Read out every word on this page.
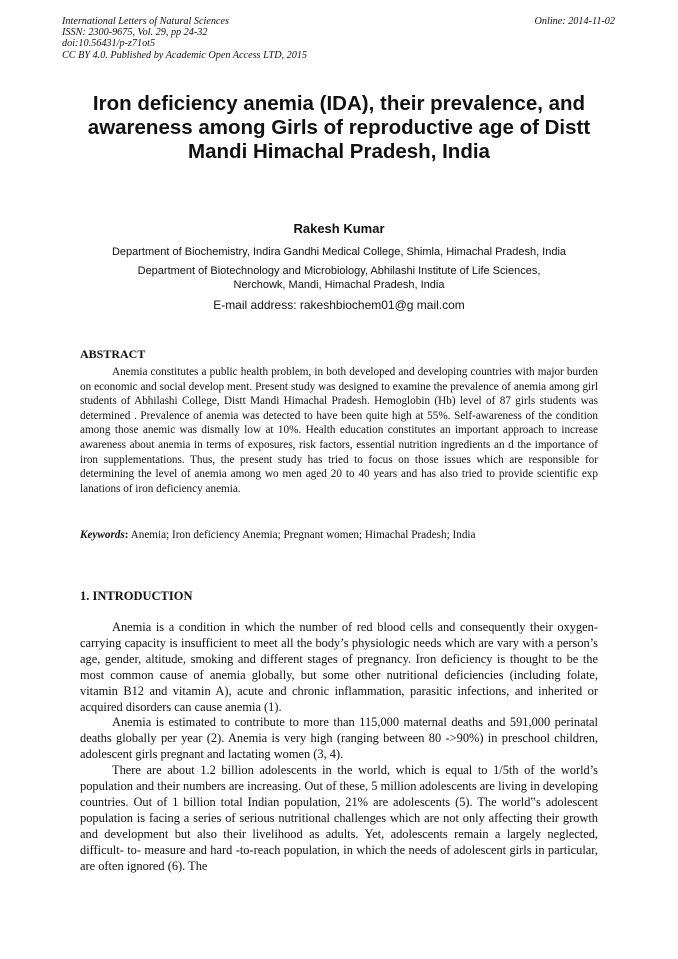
International Letters of Natural Sciences	Online: 2014-11-02
ISSN: 2300-9675, Vol. 29, pp 24-32
doi:10.56431/p-z71ot5
CC BY 4.0. Published by Academic Open Access LTD, 2015
Iron deficiency anemia (IDA), their prevalence, and
awareness among Girls of reproductive age of Distt
Mandi Himachal Pradesh, India
Rakesh Kumar
Department of Biochemistry, Indira Gandhi Medical College, Shimla, Himachal Pradesh, India
Department of Biotechnology and Microbiology, Abhilashi Institute of Life Sciences,
Nerchowk, Mandi, Himachal Pradesh, India
E-mail address: rakeshbiochem01@g mail.com
ABSTRACT

Anemia constitutes a public health problem, in both developed and developing countries with major burden on economic and social develop ment. Present study was designed to examine the prevalence of anemia among girl students of Abhilashi College, Distt Mandi Himachal Pradesh. Hemoglobin (Hb) level of 87 girls students was determined . Prevalence of anemia was detected to have been quite high at 55%. Self-awareness of the condition among those anemic was dismally low at 10%. Health education constitutes an important approach to increase awareness about anemia in terms of exposures, risk factors, essential nutrition ingredients an d the importance of iron supplementations. Thus, the present study has tried to focus on those issues which are responsible for determining the level of anemia among wo men aged 20 to 40 years and has also tried to provide scientific exp lanations of iron deficiency anemia.

Keywords: Anemia; Iron deficiency Anemia; Pregnant women; Himachal Pradesh; India
1. INTRODUCTION

Anemia is a condition in which the number of red blood cells and consequently their oxygen-carrying capacity is insufficient to meet all the body’s physiologic needs which are vary with a person’s age, gender, altitude, smoking and different stages of pregnancy. Iron deficiency is thought to be the most common cause of anemia globally, but some other nutritional deficiencies (including folate, vitamin B12 and vitamin A), acute and chronic inflammation, parasitic infections, and inherited or acquired disorders can cause anemia (1).

Anemia is estimated to contribute to more than 115,000 maternal deaths and 591,000 perinatal deaths globally per year (2). Anemia is very high (ranging between 80 ->90%) in preschool children, adolescent girls pregnant and lactating women (3, 4).

There are about 1.2 billion adolescents in the world, which is equal to 1/5th of the world’s population and their numbers are increasing. Out of these, 5 million adolescents are living in developing countries. Out of 1 billion total Indian population, 21% are adolescents (5). The world‟s adolescent population is facing a series of serious nutritional challenges which are not only affecting their growth and development but also their livelihood as adults. Yet, adolescents remain a largely neglected, difficult- to- measure and hard -to-reach population, in which the needs of adolescent girls in particular, are often ignored (6). The
